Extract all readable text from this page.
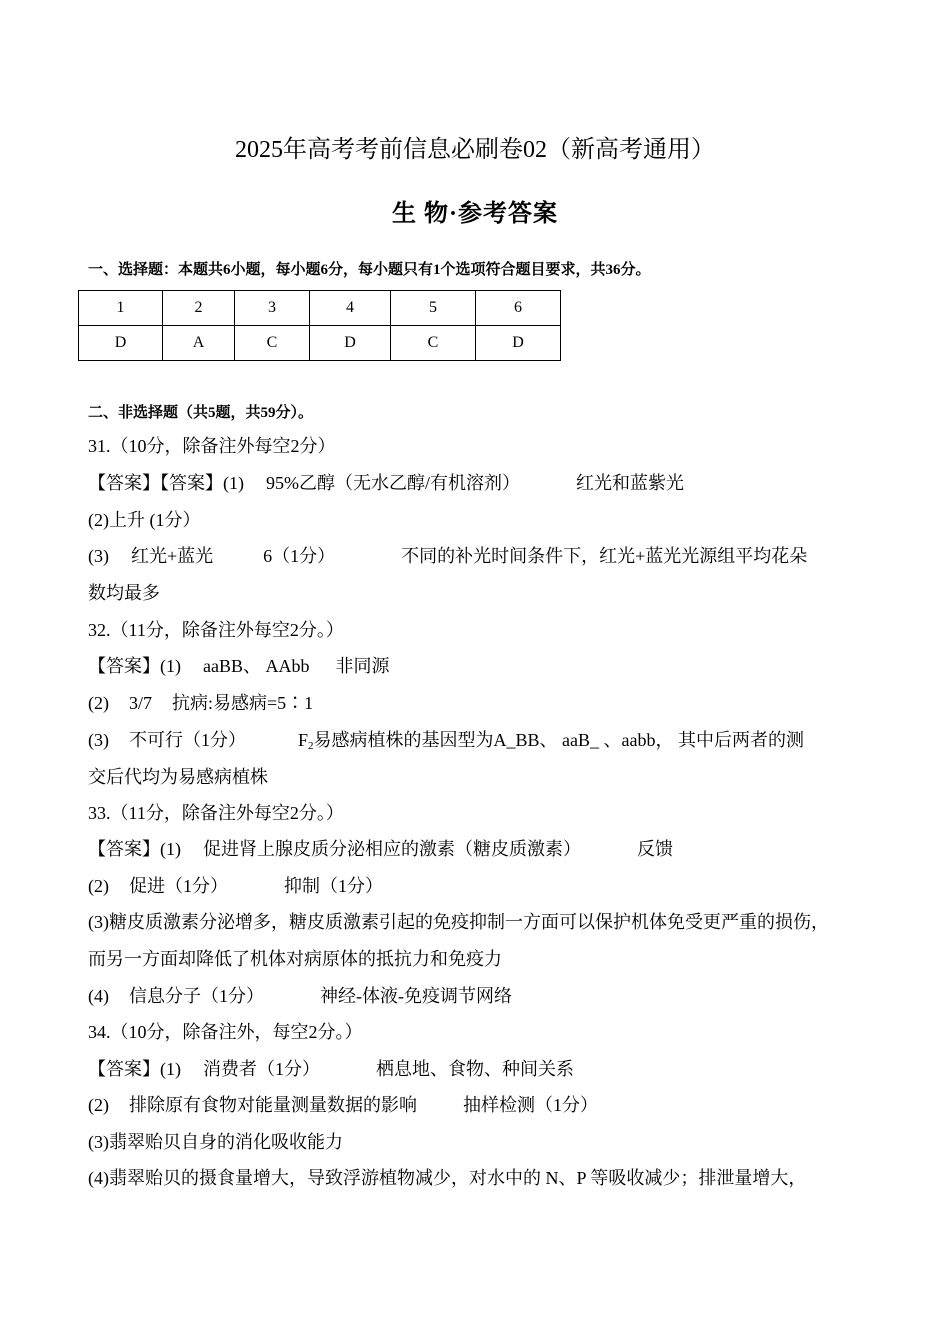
2025年高考考前信息必刷卷02（新高考通用）
生 物·参考答案
一、选择题：本题共6小题，每小题6分，每小题只有1个选项符合题目要求，共36分。
1	2	3	4	5	6
D	A	C	D	C	D
二、非选择题（共5题，共59分）。
31.（10分，除备注外每空2分）
【答案】【答案】(1) 95%乙醇（无水乙醇/有机溶剂）	红光和蓝紫光
(2)上升 (1分）
(3) 红光+蓝光	6（1分）	不同的补光时间条件下，红光+蓝光光源组平均花朵
数均最多
32.（11分，除备注外每空2分。）
【答案】(1) aaBB、 AAbb 非同源
(2) 3/7 抗病:易感病=5∶1
(3) 不可行（1分）	$F_2$易感病植株的基因型为A_BB、 aaB_ 、aabb， 其中后两者的测
交后代均为易感病植株
33.（11分，除备注外每空2分。）
【答案】(1) 促进肾上腺皮质分泌相应的激素（糖皮质激素）	反馈
(2) 促进（1分）	抑制（1分）
(3)糖皮质激素分泌增多，糖皮质激素引起的免疫抑制一方面可以保护机体免受更严重的损伤，
而另一方面却降低了机体对病原体的抵抗力和免疫力
(4) 信息分子（1分）	神经-体液-免疫调节网络
34.（10分，除备注外，每空2分。）
【答案】(1) 消费者（1分）	栖息地、食物、种间关系
(2) 排除原有食物对能量测量数据的影响	抽样检测（1分）
(3)翡翠贻贝自身的消化吸收能力
(4)翡翠贻贝的摄食量增大，导致浮游植物减少，对水中的 N、P 等吸收减少；排泄量增大，
